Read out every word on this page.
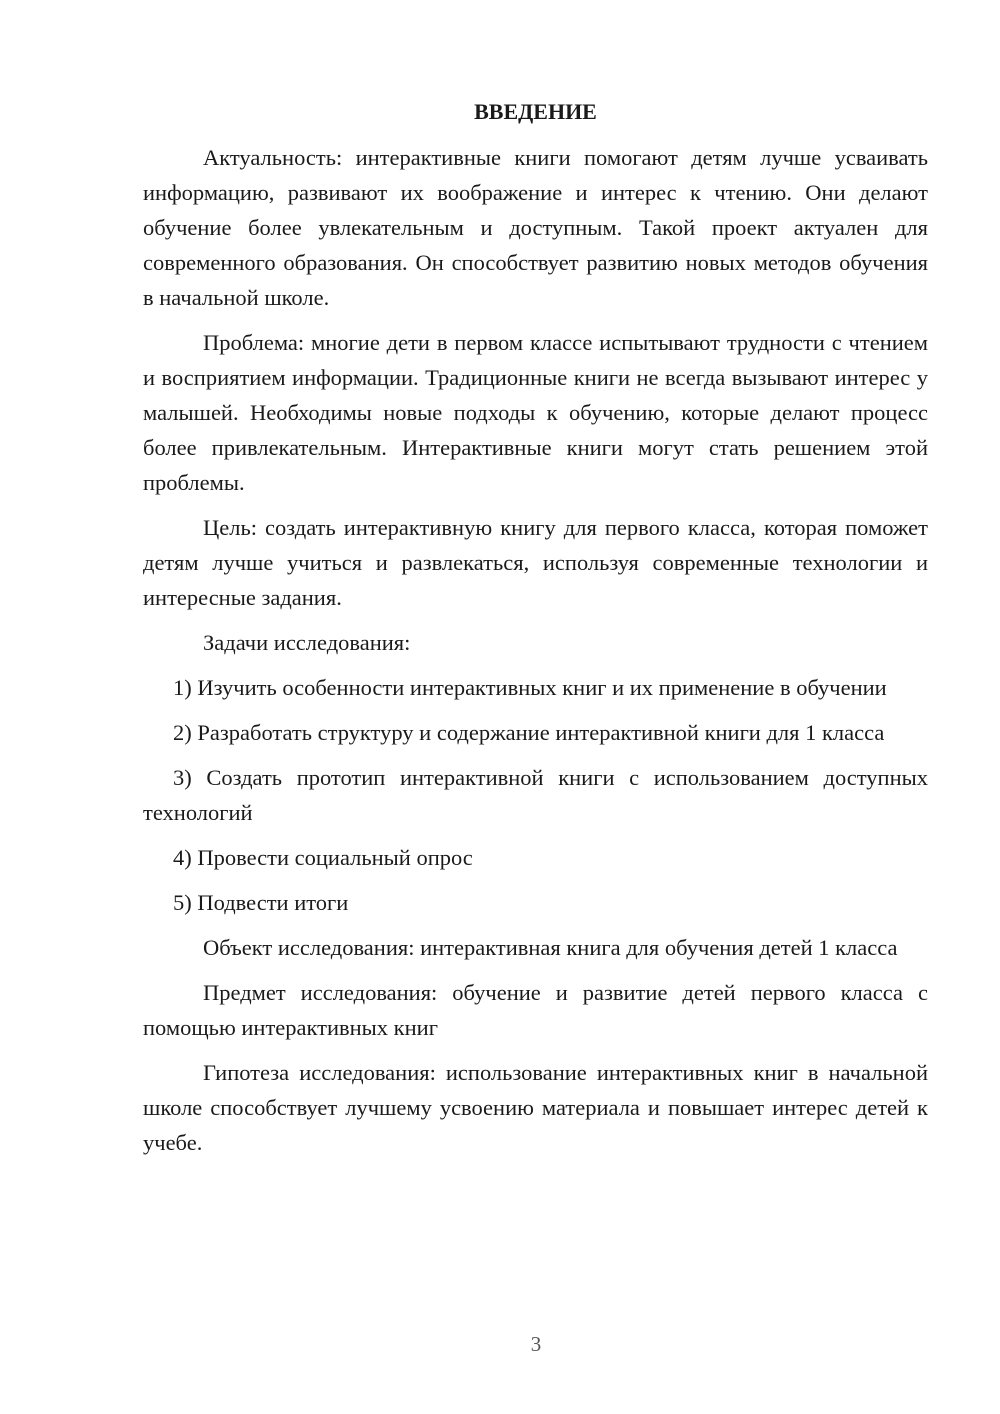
ВВЕДЕНИЕ

Актуальность: интерактивные книги помогают детям лучше усваивать информацию, развивают их воображение и интерес к чтению. Они делают обучение более увлекательным и доступным. Такой проект актуален для современного образования. Он способствует развитию новых методов обучения в начальной школе.

Проблема: многие дети в первом классе испытывают трудности с чтением и восприятием информации. Традиционные книги не всегда вызывают интерес у малышей. Необходимы новые подходы к обучению, которые делают процесс более привлекательным. Интерактивные книги могут стать решением этой проблемы.

Цель: создать интерактивную книгу для первого класса, которая поможет детям лучше учиться и развлекаться, используя современные технологии и интересные задания.

Задачи исследования:

1) Изучить особенности интерактивных книг и их применение в обучении

2) Разработать структуру и содержание интерактивной книги для 1 класса

3) Создать прототип интерактивной книги с использованием доступных технологий

4) Провести социальный опрос

5) Подвести итоги

Объект исследования: интерактивная книга для обучения детей 1 класса

Предмет исследования: обучение и развитие детей первого класса с помощью интерактивных книг

Гипотеза исследования: использование интерактивных книг в начальной школе способствует лучшему усвоению материала и повышает интерес детей к учебе.

3
